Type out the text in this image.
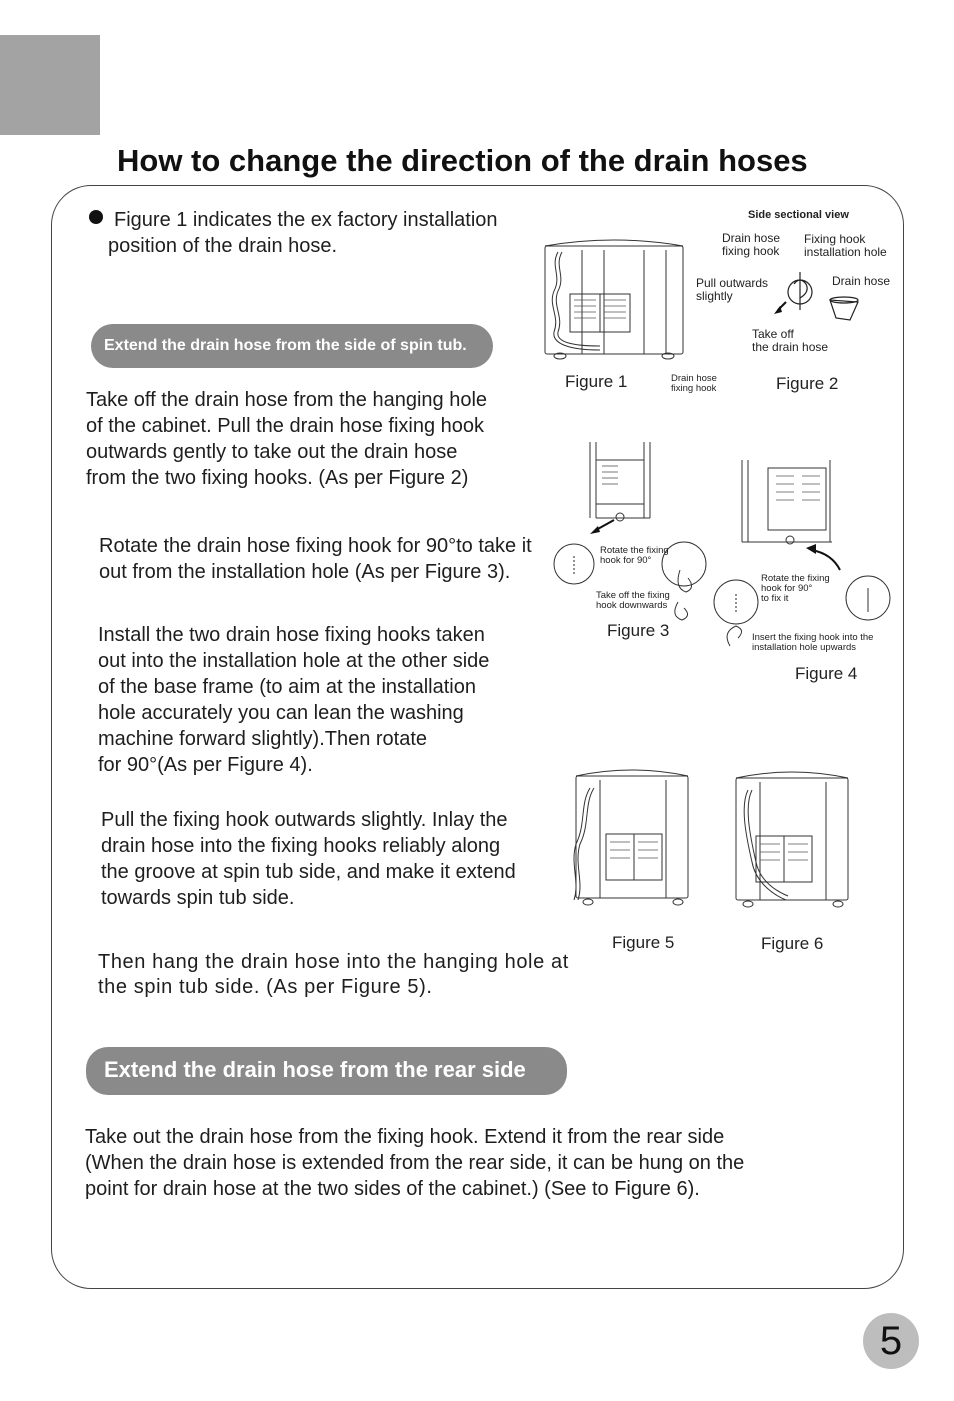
How to change the direction of the drain hoses
Figure 1 indicates the ex factory installation
position of the drain hose.
Extend the drain hose from the side of spin tub.
Take off the drain hose from the hanging hole
of the cabinet. Pull the drain hose fixing hook
outwards gently to take out the drain hose
from the two fixing hooks. (As per Figure 2)
Rotate the drain hose fixing hook for 90°to take it
out from the installation hole (As per Figure 3).
Install the two drain hose fixing hooks taken
out into the installation hole at the other side
of the base frame (to aim at the installation
hole accurately you can lean the washing
machine forward slightly).Then rotate
for 90°(As per Figure 4).
Pull the fixing hook outwards slightly. Inlay the
drain hose into the fixing hooks reliably along
the groove at spin tub side, and make it extend
towards spin tub side.
Then hang the drain hose into the hanging hole at
the spin tub side. (As per Figure 5).
Extend the drain hose from the rear side
Take out the drain hose from the fixing hook. Extend it from the rear side
(When the drain hose is extended from the rear side, it can be hung on the
point for drain hose at the two sides of the cabinet.) (See to Figure 6).
Figure 1	Drain hose
fixing hook
Side sectional view
Drain hose
fixing hook
Fixing hook
installation hole
Pull outwards
slightly
Drain hose
Take off
the drain hose
Figure 2
Rotate the fixing
hook for 90°
Take off the fixing
hook downwards
Figure 3
Rotate the fixing
hook for 90°
to fix it
Insert the fixing hook into the
installation hole upwards
Figure 4
Figure 5	Figure 6
5
